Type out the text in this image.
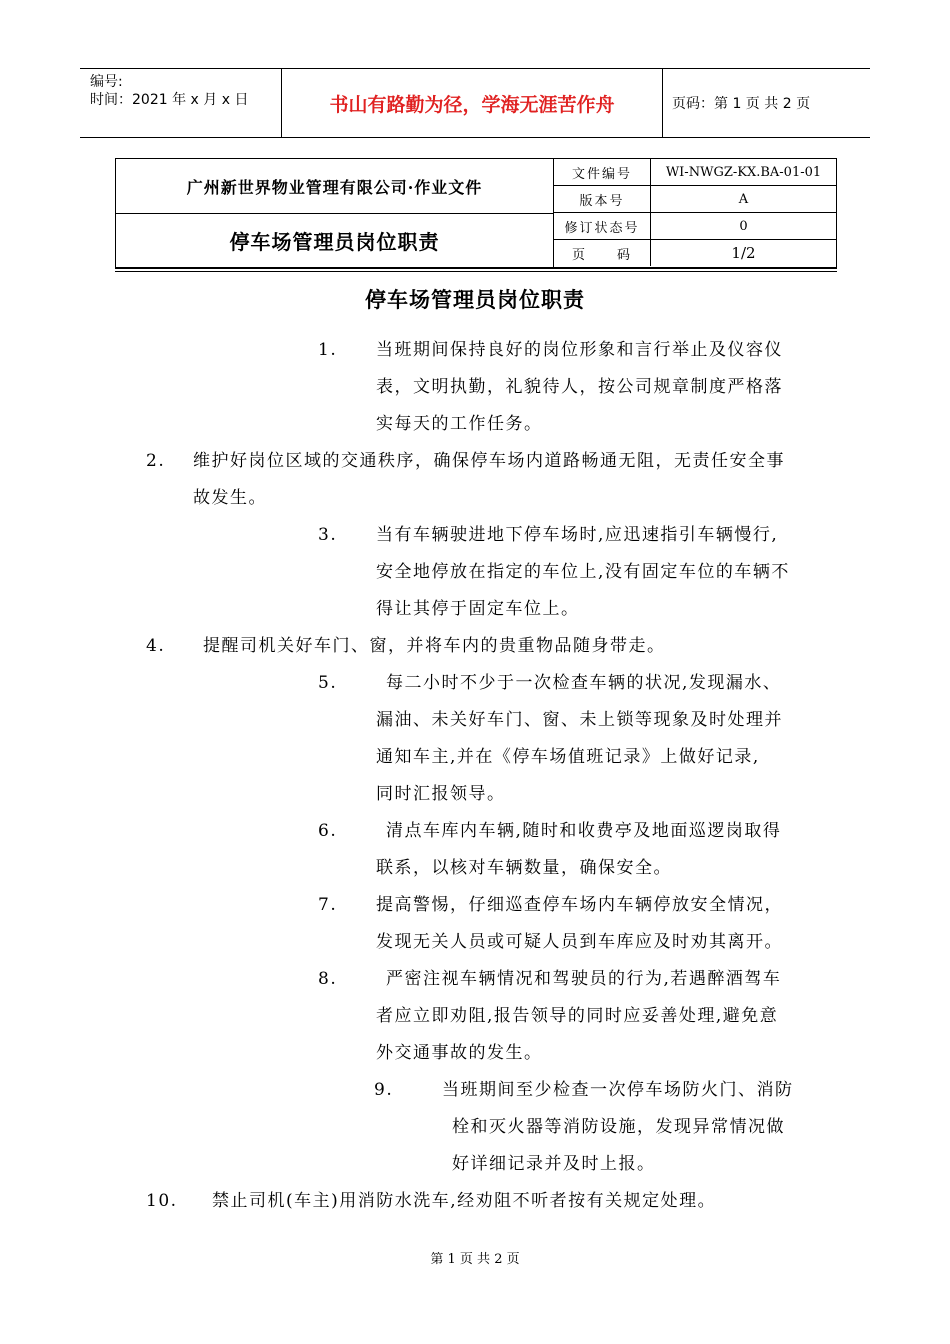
编号:
时间：2021 年 x 月 x 日	书山有路勤为径，学海无涯苦作舟	页码：第 1 页 共 2 页
广州新世界物业管理有限公司·作业文件
停车场管理员岗位职责
文件编号	WI-NWGZ-KX.BA-01-01
版本号	A
修订状态号	0
页　　码	1/2
停车场管理员岗位职责
1. 当班期间保持良好的岗位形象和言行举止及仪容仪
表，文明执勤，礼貌待人，按公司规章制度严格落
实每天的工作任务。
2. 维护好岗位区域的交通秩序，确保停车场内道路畅通无阻，无责任安全事
故发生。
3. 当有车辆驶进地下停车场时,应迅速指引车辆慢行,
安全地停放在指定的车位上,没有固定车位的车辆不
得让其停于固定车位上。
4. 提醒司机关好车门、窗，并将车内的贵重物品随身带走。
5.	每二小时不少于一次检查车辆的状况,发现漏水、
漏油、未关好车门、窗、未上锁等现象及时处理并
通知车主,并在《停车场值班记录》上做好记录,
同时汇报领导。
6.	清点车库内车辆,随时和收费亭及地面巡逻岗取得
联系，以核对车辆数量，确保安全。
7. 提高警惕，仔细巡查停车场内车辆停放安全情况，
发现无关人员或可疑人员到车库应及时劝其离开。
8.	严密注视车辆情况和驾驶员的行为,若遇醉酒驾车
者应立即劝阻,报告领导的同时应妥善处理,避免意
外交通事故的发生。
9.	当班期间至少检查一次停车场防火门、消防
栓和灭火器等消防设施，发现异常情况做
好详细记录并及时上报。
10. 禁止司机(车主)用消防水洗车,经劝阻不听者按有关规定处理。
第 1 页 共 2 页
